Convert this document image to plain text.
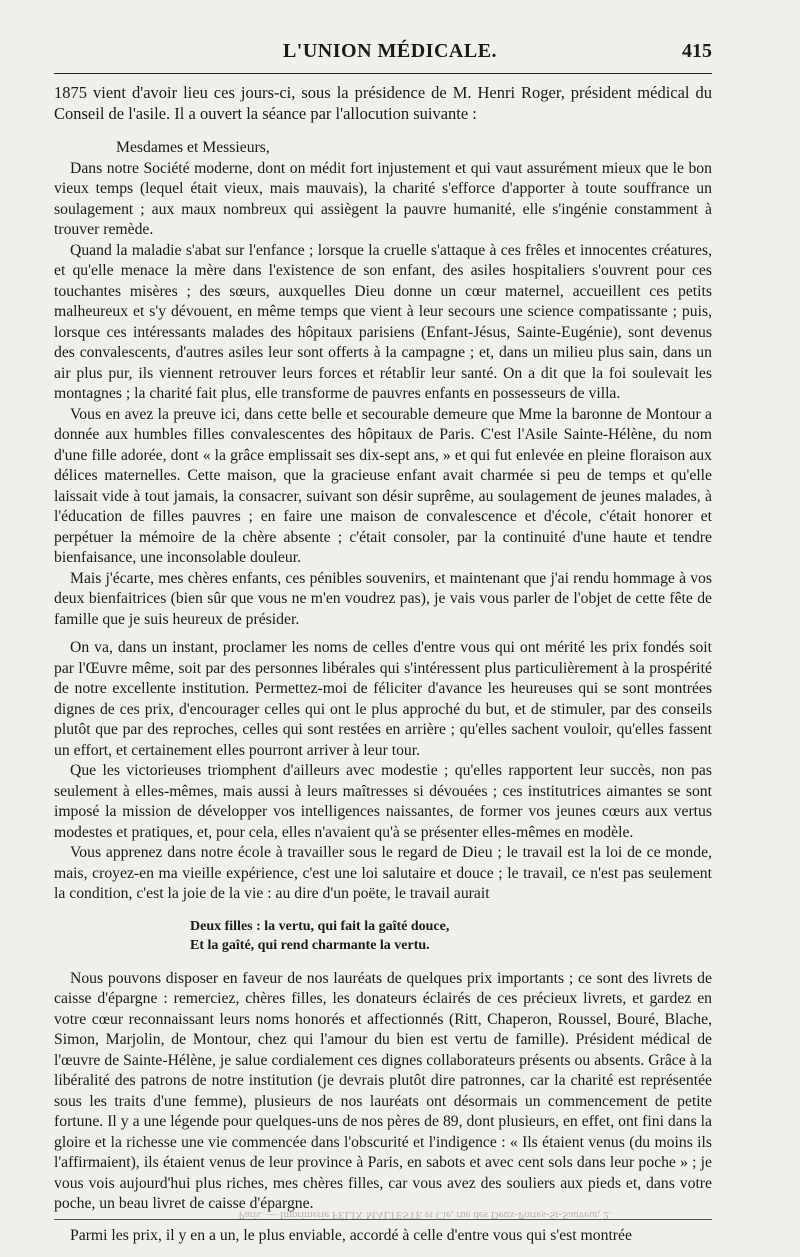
L'UNION MÉDICALE.	415

1875 vient d'avoir lieu ces jours-ci, sous la présidence de M. Henri Roger, président médical du Conseil de l'asile. Il a ouvert la séance par l'allocution suivante :

Mesdames et Messieurs,

Dans notre Société moderne, dont on médit fort injustement et qui vaut assurément mieux que le bon vieux temps (lequel était vieux, mais mauvais), la charité s'efforce d'apporter à toute souffrance un soulagement ; aux maux nombreux qui assiègent la pauvre humanité, elle s'ingénie constamment à trouver remède.

Quand la maladie s'abat sur l'enfance ; lorsque la cruelle s'attaque à ces frêles et innocentes créatures, et qu'elle menace la mère dans l'existence de son enfant, des asiles hospitaliers s'ouvrent pour ces touchantes misères ; des sœurs, auxquelles Dieu donne un cœur maternel, accueillent ces petits malheureux et s'y dévouent, en même temps que vient à leur secours une science compatissante ; puis, lorsque ces intéressants malades des hôpitaux parisiens (Enfant-Jésus, Sainte-Eugénie), sont devenus des convalescents, d'autres asiles leur sont offerts à la campagne ; et, dans un milieu plus sain, dans un air plus pur, ils viennent retrouver leurs forces et rétablir leur santé. On a dit que la foi soulevait les montagnes ; la charité fait plus, elle transforme de pauvres enfants en possesseurs de villa.

Vous en avez la preuve ici, dans cette belle et secourable demeure que Mme la baronne de Montour a donnée aux humbles filles convalescentes des hôpitaux de Paris. C'est l'Asile Sainte-Hélène, du nom d'une fille adorée, dont « la grâce emplissait ses dix-sept ans, » et qui fut enlevée en pleine floraison aux délices maternelles. Cette maison, que la gracieuse enfant avait charmée si peu de temps et qu'elle laissait vide à tout jamais, la consacrer, suivant son désir suprême, au soulagement de jeunes malades, à l'éducation de filles pauvres ; en faire une maison de convalescence et d'école, c'était honorer et perpétuer la mémoire de la chère absente ; c'était consoler, par la continuité d'une haute et tendre bienfaisance, une inconsolable douleur.

Mais j'écarte, mes chères enfants, ces pénibles souvenirs, et maintenant que j'ai rendu hommage à vos deux bienfaitrices (bien sûr que vous ne m'en voudrez pas), je vais vous parler de l'objet de cette fête de famille que je suis heureux de présider.

On va, dans un instant, proclamer les noms de celles d'entre vous qui ont mérité les prix fondés soit par l'Œuvre même, soit par des personnes libérales qui s'intéressent plus particulièrement à la prospérité de notre excellente institution. Permettez-moi de féliciter d'avance les heureuses qui se sont montrées dignes de ces prix, d'encourager celles qui ont le plus approché du but, et de stimuler, par des conseils plutôt que par des reproches, celles qui sont restées en arrière ; qu'elles sachent vouloir, qu'elles fassent un effort, et certainement elles pourront arriver à leur tour.

Que les victorieuses triomphent d'ailleurs avec modestie ; qu'elles rapportent leur succès, non pas seulement à elles-mêmes, mais aussi à leurs maîtresses si dévouées ; ces institutrices aimantes se sont imposé la mission de développer vos intelligences naissantes, de former vos jeunes cœurs aux vertus modestes et pratiques, et, pour cela, elles n'avaient qu'à se présenter elles-mêmes en modèle.

Vous apprenez dans notre école à travailler sous le regard de Dieu ; le travail est la loi de ce monde, mais, croyez-en ma vieille expérience, c'est une loi salutaire et douce ; le travail, ce n'est pas seulement la condition, c'est la joie de la vie : au dire d'un poëte, le travail aurait

Deux filles : la vertu, qui fait la gaîté douce,
Et la gaîté, qui rend charmante la vertu.

Nous pouvons disposer en faveur de nos lauréats de quelques prix importants ; ce sont des livrets de caisse d'épargne : remerciez, chères filles, les donateurs éclairés de ces précieux livrets, et gardez en votre cœur reconnaissant leurs noms honorés et affectionnés (Ritt, Chaperon, Roussel, Bouré, Blache, Simon, Marjolin, de Montour, chez qui l'amour du bien est vertu de famille). Président médical de l'œuvre de Sainte-Hélène, je salue cordialement ces dignes collaborateurs présents ou absents. Grâce à la libéralité des patrons de notre institution (je devrais plutôt dire patronnes, car la charité est représentée sous les traits d'une femme), plusieurs de nos lauréats ont désormais un commencement de petite fortune. Il y a une légende pour quelques-uns de nos pères de 89, dont plusieurs, en effet, ont fini dans la gloire et la richesse une vie commencée dans l'obscurité et l'indigence : « Ils étaient venus (du moins ils l'affirmaient), ils étaient venus de leur province à Paris, en sabots et avec cent sols dans leur poche » ; je vous vois aujourd'hui plus riches, mes chères filles, car vous avez des souliers aux pieds et, dans votre poche, un beau livret de caisse d'épargne.

Parmi les prix, il y en a un, le plus enviable, accordé à celle d'entre vous qui s'est montrée

Paris. — Imprimerie FÉLIX MALTESTE et Cie, rue des Deux-Portes-St-Sauveur, 2.
